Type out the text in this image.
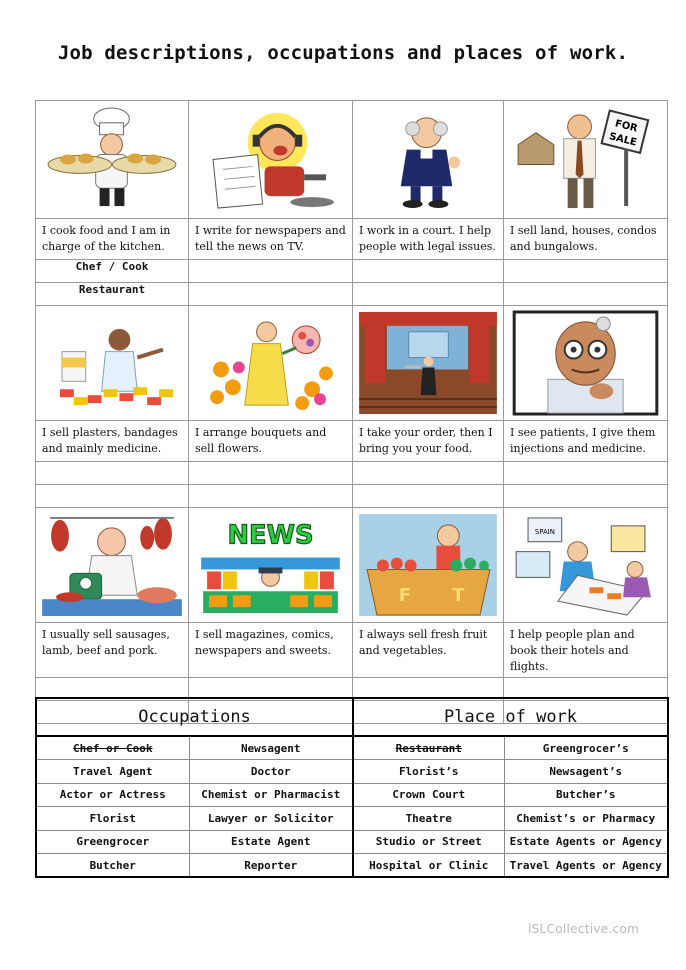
Job descriptions, occupations and places of work.

FOR
SALE

I cook food and I am in charge of the kitchen.	I write for newspapers and tell the news on TV.	I work in a court. I help people with legal issues.	I sell land, houses, condos and bungalows.
Chef / Cook			
Restaurant			

I sell plasters, bandages and mainly medicine.	I arrange bouquets and sell flowers.	I take your order, then I bring you your food.	I see patients, I give them injections and medicine.

NEWS	F T	SPAIN

I usually sell sausages, lamb, beef and pork.	I sell magazines, comics, newspapers and sweets.	I always sell fresh fruit and vegetables.	I help people plan and book their hotels and flights.

Occupations		Place of work	
Chef or Cook	Newsagent	Restaurant	Greengrocer’s
Travel Agent	Doctor	Florist’s	Newsagent’s
Actor or Actress	Chemist or Pharmacist	Crown Court	Butcher’s
Florist	Lawyer or Solicitor	Theatre	Chemist’s or Pharmacy
Greengrocer	Estate Agent	Studio or Street	Estate Agents or Agency
Butcher	Reporter	Hospital or Clinic	Travel Agents or Agency
iSLCollective.com
